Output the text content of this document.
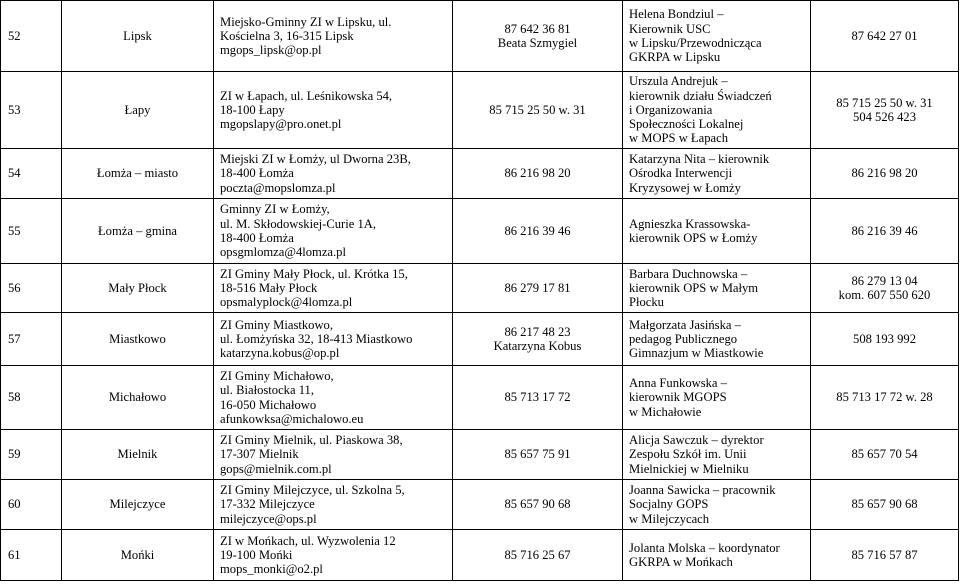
52	Lipsk	Miejsko-Gminny ZI w Lipsku, ul.
Kościelna 3, 16-315 Lipsk
mgops_lipsk@op.pl	87 642 36 81
Beata Szmygiel	Helena Bondziul –
Kierownik USC
w Lipsku/Przewodnicząca
GKRPA w Lipsku	87 642 27 01

53	Łapy	ZI w Łapach, ul. Leśnikowska 54,
18-100 Łapy
mgopslapy@pro.onet.pl	85 715 25 50 w. 31	Urszula Andrejuk –
kierownik działu Świadczeń
i Organizowania
Społeczności Lokalnej
w MOPS w Łapach	85 715 25 50 w. 31
504 526 423

54	Łomża – miasto	Miejski ZI w Łomży, ul Dworna 23B,
18-400 Łomża
poczta@mopslomza.pl	86 216 98 20	Katarzyna Nita – kierownik
Ośrodka Interwencji
Kryzysowej w Łomży	86 216 98 20

55	Łomża – gmina	Gminny ZI w Łomży,
ul. M. Skłodowskiej-Curie 1A,
18-400 Łomża
opsgmlomza@4lomza.pl	86 216 39 46	Agnieszka Krassowska-
kierownik OPS w Łomży	86 216 39 46

56	Mały Płock	ZI Gminy Mały Płock, ul. Krótka 15,
18-516 Mały Płock
opsmalyplock@4lomza.pl	86 279 17 81	Barbara Duchnowska –
kierownik OPS w Małym
Płocku	86 279 13 04
kom. 607 550 620

57	Miastkowo	ZI Gminy Miastkowo,
ul. Łomżyńska 32, 18-413 Miastkowo
katarzyna.kobus@op.pl	86 217 48 23
Katarzyna Kobus	Małgorzata Jasińska –
pedagog Publicznego
Gimnazjum w Miastkowie	508 193 992

58	Michałowo	ZI Gminy Michałowo,
ul. Białostocka 11,
16-050 Michałowo
afunkowksa@michalowo.eu	85 713 17 72	Anna Funkowska –
kierownik MGOPS
w Michałowie	85 713 17 72 w. 28

59	Mielnik	ZI Gminy Mielnik, ul. Piaskowa 38,
17-307 Mielnik
gops@mielnik.com.pl	85 657 75 91	Alicja Sawczuk – dyrektor
Zespołu Szkół im. Unii
Mielnickiej w Mielniku	85 657 70 54

60	Milejczyce	ZI Gminy Milejczyce, ul. Szkolna 5,
17-332 Milejczyce
milejczyce@ops.pl	85 657 90 68	Joanna Sawicka – pracownik
Socjalny GOPS
w Milejczycach	85 657 90 68

61	Mońki	ZI w Mońkach, ul. Wyzwolenia 12
19-100 Mońki
mops_monki@o2.pl	85 716 25 67	Jolanta Molska – koordynator
GKRPA w Mońkach	85 716 57 87
